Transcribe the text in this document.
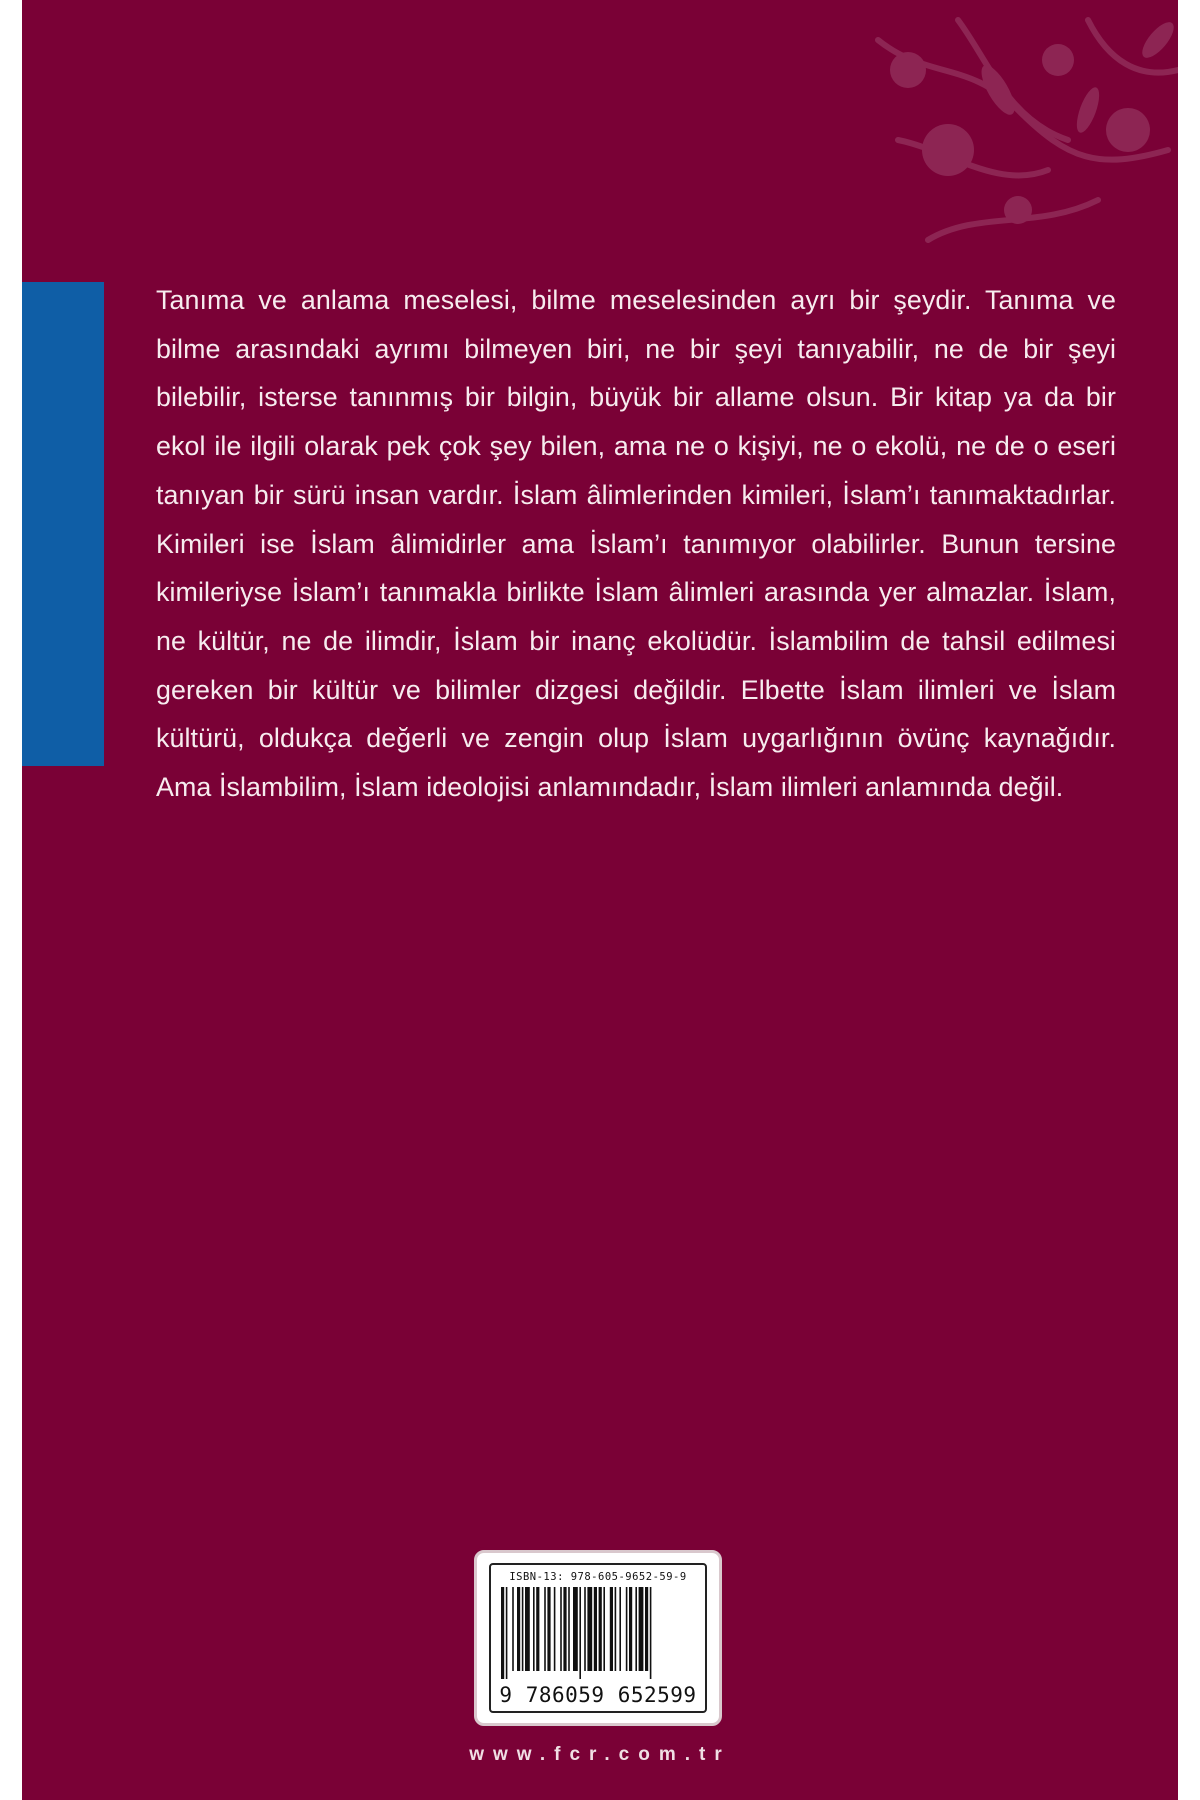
Tanıma ve anlama meselesi, bilme meselesinden ayrı bir şeydir. Tanıma ve bilme arasındaki ayrımı bilmeyen biri, ne bir şeyi tanıyabilir, ne de bir şeyi bilebilir, isterse tanınmış bir bilgin, büyük bir allame olsun. Bir kitap ya da bir ekol ile ilgili olarak pek çok şey bilen, ama ne o kişiyi, ne o ekolü, ne de o eseri tanıyan bir sürü insan vardır. İslam âlimlerinden kimileri, İslam’ı tanımaktadırlar. Kimileri ise İslam âlimidirler ama İslam’ı tanımıyor olabilirler. Bunun tersine kimileriyse İslam’ı tanımakla birlikte İslam âlimleri arasında yer almazlar. İslam, ne kültür, ne de ilimdir, İslam bir inanç ekolüdür. İslambilim de tahsil edilmesi gereken bir kültür ve bilimler dizgesi değildir. Elbette İslam ilimleri ve İslam kültürü, oldukça değerli ve zengin olup İslam uygarlığının övünç kaynağıdır. Ama İslambilim, İslam ideolojisi anlamındadır, İslam ilimleri anlamında değil.

ISBN-13: 978-605-9652-59-9
9 786059 652599
www.fcr.com.tr
